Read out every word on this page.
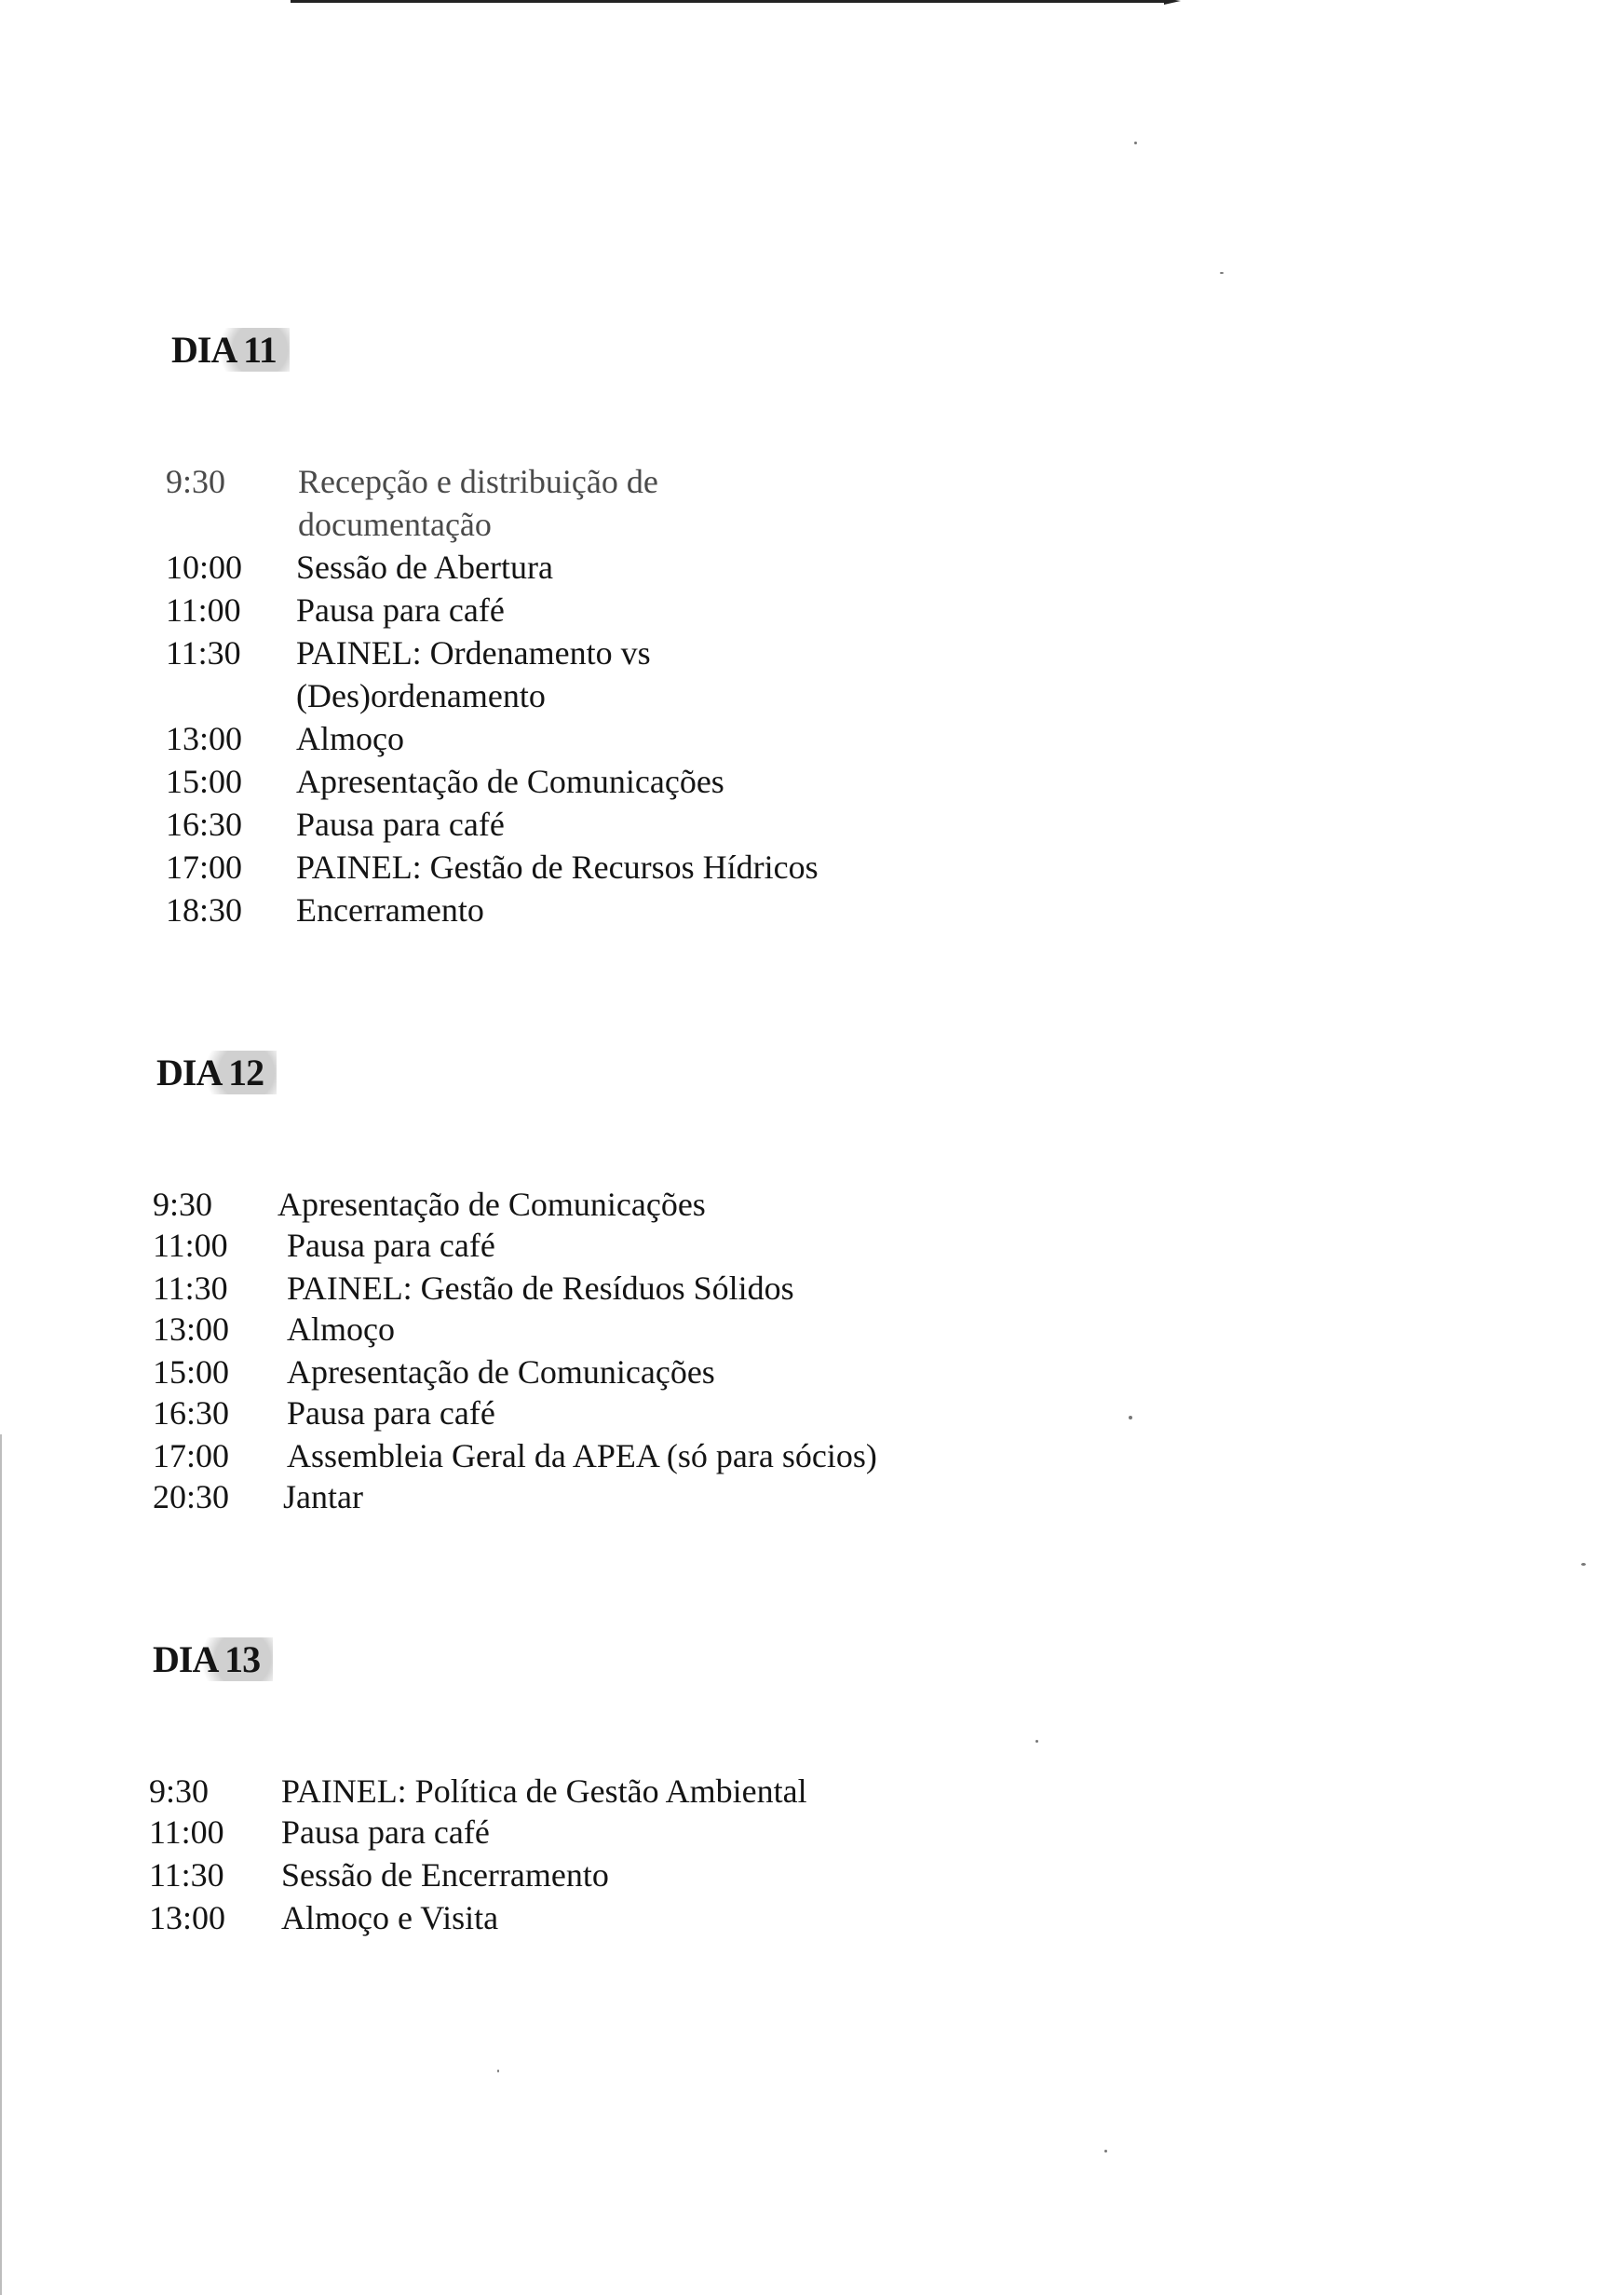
DIA 11
9:30 Recepção e distribuição de
documentação
10:00 Sessão de Abertura
11:00 Pausa para café
11:30 PAINEL: Ordenamento vs
(Des)ordenamento
13:00 Almoço
15:00 Apresentação de Comunicações
16:30 Pausa para café
17:00 PAINEL: Gestão de Recursos Hídricos
18:30 Encerramento
DIA 12
9:30 Apresentação de Comunicações
11:00 Pausa para café
11:30 PAINEL: Gestão de Resíduos Sólidos
13:00 Almoço
15:00 Apresentação de Comunicações
16:30 Pausa para café
17:00 Assembleia Geral da APEA (só para sócios)
20:30 Jantar
DIA 13
9:30 PAINEL: Política de Gestão Ambiental
11:00 Pausa para café
11:30 Sessão de Encerramento
13:00 Almoço e Visita
